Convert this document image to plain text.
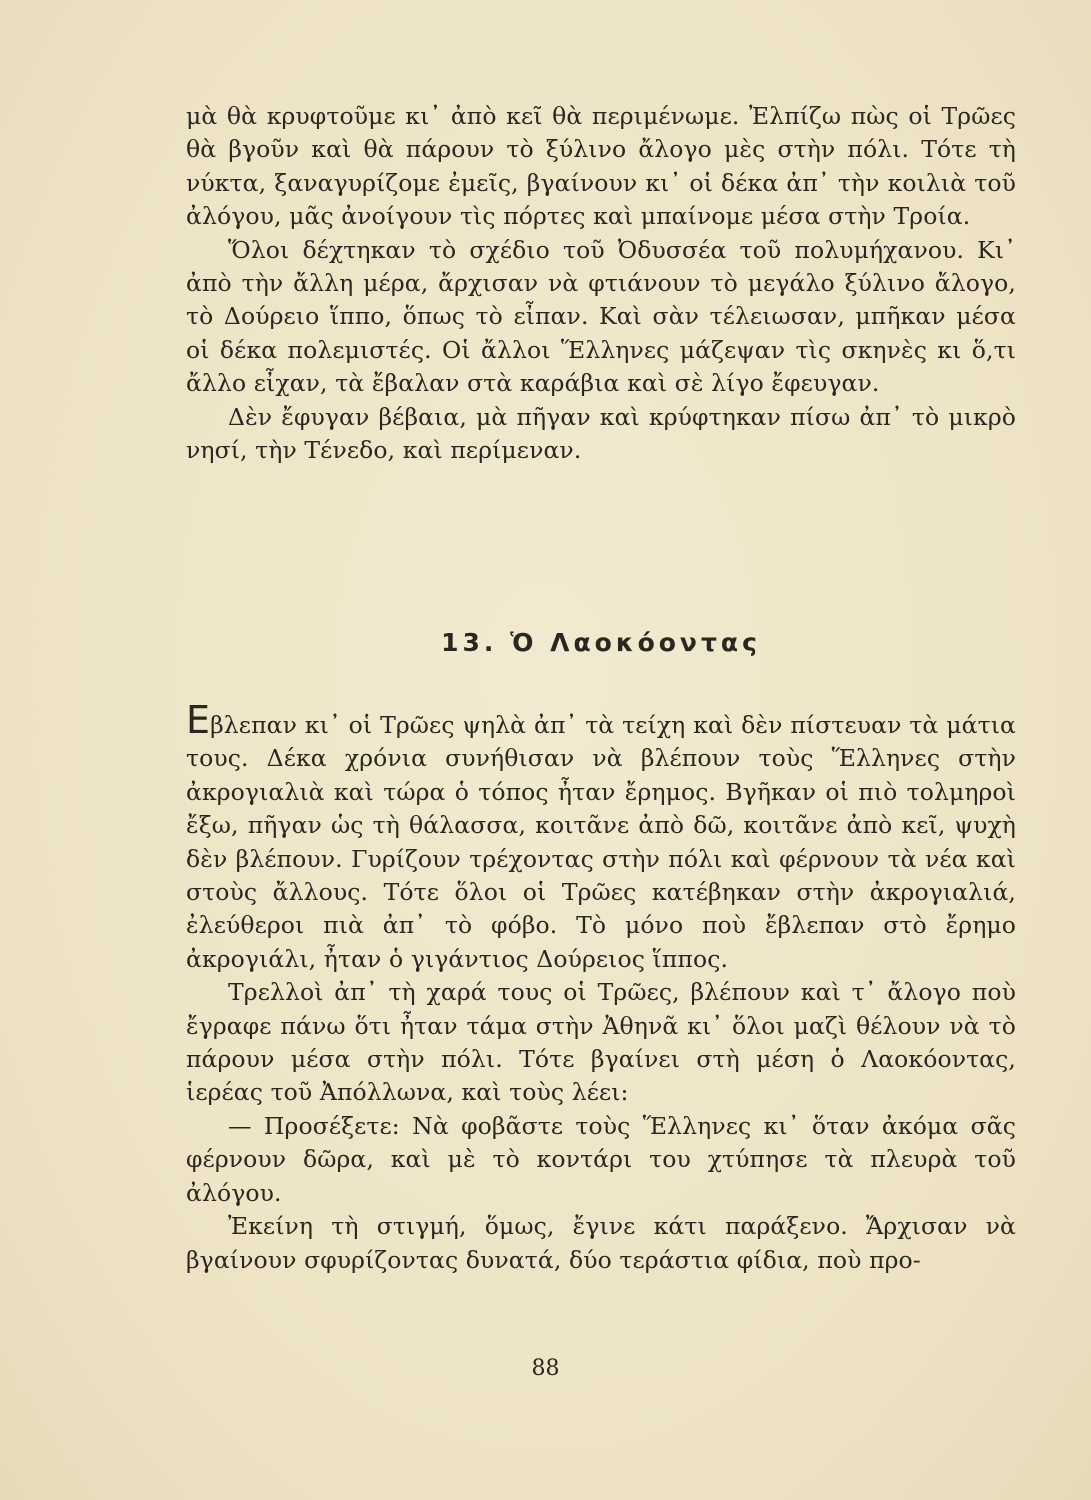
μὰ θὰ κρυφτοῦμε κι᾽ ἀπὸ κεῖ θὰ περιμένωμε. Ἐλπίζω πὼς οἱ Τρῶες θὰ βγοῦν καὶ θὰ πάρουν τὸ ξύλινο ἄλογο μὲς στὴν πόλι. Τότε τὴ νύκτα, ξαναγυρίζομε ἐμεῖς, βγαίνουν κι᾽ οἱ δέκα ἀπ᾽ τὴν κοιλιὰ τοῦ ἀλόγου, μᾶς ἀνοίγουν τὶς πόρτες καὶ μπαίνομε μέσα στὴν Τροία.

Ὅλοι δέχτηκαν τὸ σχέδιο τοῦ Ὀδυσσέα τοῦ πολυμήχανου. Κι᾽ ἀπὸ τὴν ἄλλη μέρα, ἄρχισαν νὰ φτιάνουν τὸ μεγάλο ξύλινο ἄλογο, τὸ Δούρειο ἵππο, ὅπως τὸ εἶπαν. Καὶ σὰν τέλειωσαν, μπῆκαν μέσα οἱ δέκα πολεμιστές. Οἱ ἄλλοι Ἕλληνες μάζεψαν τὶς σκηνὲς κι ὅ,τι ἄλλο εἶχαν, τὰ ἔβαλαν στὰ καράβια καὶ σὲ λίγο ἔφευγαν.

Δὲν ἔφυγαν βέβαια, μὰ πῆγαν καὶ κρύφτηκαν πίσω ἀπ᾽ τὸ μικρὸ νησί, τὴν Τένεδο, καὶ περίμεναν.

13. Ὁ Λαοκόοντας

Εβλεπαν κι᾽ οἱ Τρῶες ψηλὰ ἀπ᾽ τὰ τείχη καὶ δὲν πίστευαν τὰ μάτια τους. Δέκα χρόνια συνήθισαν νὰ βλέπουν τοὺς Ἕλληνες στὴν ἀκρογιαλιὰ καὶ τώρα ὁ τόπος ἦταν ἔρημος. Βγῆκαν οἱ πιὸ τολμηροὶ ἔξω, πῆγαν ὡς τὴ θάλασσα, κοιτᾶνε ἀπὸ δῶ, κοιτᾶνε ἀπὸ κεῖ, ψυχὴ δὲν βλέπουν. Γυρίζουν τρέχοντας στὴν πόλι καὶ φέρνουν τὰ νέα καὶ στοὺς ἄλλους. Τότε ὅλοι οἱ Τρῶες κατέβηκαν στὴν ἀκρογιαλιά, ἐλεύθεροι πιὰ ἀπ᾽ τὸ φόβο. Τὸ μόνο ποὺ ἔβλεπαν στὸ ἔρημο ἀκρογιάλι, ἦταν ὁ γιγάντιος Δούρειος ἵππος.

Τρελλοὶ ἀπ᾽ τὴ χαρά τους οἱ Τρῶες, βλέπουν καὶ τ᾽ ἄλογο ποὺ ἔγραφε πάνω ὅτι ἦταν τάμα στὴν Ἀθηνᾶ κι᾽ ὅλοι μαζὶ θέλουν νὰ τὸ πάρουν μέσα στὴν πόλι. Τότε βγαίνει στὴ μέση ὁ Λαοκόοντας, ἱερέας τοῦ Ἀπόλλωνα, καὶ τοὺς λέει:

— Προσέξετε: Νὰ φοβᾶστε τοὺς Ἕλληνες κι᾽ ὅταν ἀκόμα σᾶς φέρνουν δῶρα, καὶ μὲ τὸ κοντάρι του χτύπησε τὰ πλευρὰ τοῦ ἀλόγου.

Ἐκείνη τὴ στιγμή, ὅμως, ἔγινε κάτι παράξενο. Ἄρχισαν νὰ βγαίνουν σφυρίζοντας δυνατά, δύο τεράστια φίδια, ποὺ προ-

88
